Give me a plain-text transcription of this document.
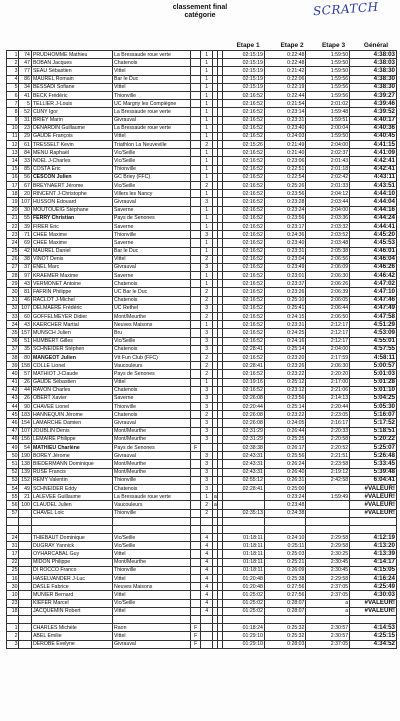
classement final
catégorie	SCRATCH
Etape 1	Etape 2	Etape 3	Général
1	74	PRUDHOMME Mathieu	La Bressaude roue verte		1			02:15:19	0:22:48	1:59:50	4:38:03
2	47	BOBAN Jacques	Chatenois		1			02:15:19	0:22:48	1:59:50	4:38:03
3	77	SEAU Sébastien	Vittel		1			02:15:19	0:21:42	1:59:50	4:38:30
4	86	MAUREL Romain	Bar le Duc		1			02:15:19	0:22:06	1:59:56	4:38:30
5	34	BESSADI Sofiane	Vittel		1			02:15:19	0:22:19	1:59:56	4:38:30
6	41	BECK Frédéric	Thionville		1			02:16:52	0:22:44	1:59:56	4:39:27
7	5	TELLIER J-Louis	UC Margny les Compiègne		1			02:16:52	0:21:54	2:01:02	4:39:46
8	52	CUNY Igor	La Bressaude roue verte		1			02:16:52	0:23:14	1:59:48	4:39:52
9	31	BRIEY Marin	Givrauval		1			02:16:52	0:23:31	1:59:51	4:40:17
10	23	DENARDIN Guillaume	La Bressaude roue verte		1			02:16:52	0:23:40	2:00:04	4:40:36
11	29	GAUDE François	Vittel		1			02:16:52	0:24:03	1:59:50	4:40:45
12	61	TRESSELT Kevin	Triathlon La Neuveville		2			02:15:26	0:21:49	2:04:00	4:41:15
13	84	MENU Raphaël	Vic/Seille		1			02:16:52	0:21:40	2:02:37	4:41:09
14	33	NOEL J-Charles	Vic/Seille		1			02:16:52	0:23:06	2:01:43	4:42:41
15	85	COSTA Eric	Thionville		1			02:16:52	0:22:51	2:01:18	4:42:41
16	56	CESCON Julien	GC Briey (FFC)		1			02:16:52	0:22:54	2:02:42	4:43:11
17	67	BREYNAERT Jérome	Vic/Seille		2			02:16:52	0:25:26	2:01:33	4:43:51
18	20	RINCENT J-Christophe	Villers les Nancy		1			02:16:52	0:23:56	2:04:12	4:44:10
19	107	HUSSON Edouard	Givrauval		3			02:16:52	0:23:28	2:03:44	4:44:04
20	30	MOUTOUEIG Stéphane	Saverne		1			02:16:52	0:23:24	2:04:00	4:44:16
21	55	FERRY Christian	Pays de Senones		1			02:16:52	0:23:56	2:03:36	4:44:24
22	39	FIRER Eric	Saverne		1			02:16:52	0:23:17	2:03:32	4:44:41
23	71	CHEE Maxime	Thionville		3			02:16:52	0:24:36	2:03:52	4:45:20
24	69	CHEE Maxime	Saverne		1			02:16:52	0:23:40	2:03:48	4:45:53
25	42	MAUREL Daniel	Bar le Duc		1			02:16:52	0:23:31	2:05:38	4:46:01
26	38	VINOT Denis	Vittel		2			02:16:52	0:23:04	2:06:56	4:46:04
27	37	ENEL Marc	Givrauval		3			02:16:52	0:23:49	2:06:09	4:46:26
28	97	KRAEMER Maxime	Saverne		1			02:16:52	0:23:01	2:06:30	4:46:42
29	43	VERMONET Antoine	Chatenois		1			02:16:52	0:23:37	2:06:26	4:47:02
30	81	FAFRIN Philippe	UC Bar le Duc		2			02:16:52	0:23:26	2:06:39	4:47:10
31	46	RACLOT J-Michel	Chatenois		2			02:16:52	0:25:10	2:06:05	4:47:46
32	107	DELMAERE Frédéric	UC Rethel		3			02:16:52	0:25:41	2:06:44	4:47:49
33	60	GOFFELMEYER Didier	Mont/Meurthe		2			02:16:52	0:24:15	2:06:50	4:47:58
34	43	KAERCHER Martial	Neuves Maisons		1			02:16:52	0:23:31	2:12:17	4:51:29
35	157	MUNSCH Julien	Bru		3			02:16:52	0:24:25	2:12:17	4:53:09
36	51	HUMBERT Gilles	Vic/Seille		3			02:16:52	0:24:16	2:12:17	4:55:01
37	35	SCHNEIDER Stéphen	Chatenois		3			02:28:41	0:25:14	2:04:00	4:57:55
38	80	MANGEOT Julien	Vtt Fun Club (FFC)		2			02:16:52	0:23:20	2:17:59	4:58:11
39	158	COLLE Lionel	Vaucouleurs		2			02:28:41	0:23:26	2:06:30	5:00:57
40	57	MATHIOT J-Claude	Pays de Senones		2			02:16:52	0:23:22	2:20:20	5:01:03
41	26	GAUDE Sébastien	Vittel		1			02:19:16	0:25:12	2:17:00	5:01:28
42	44	RAVON Charles	Chatenois		3			02:16:52	0:23:12	2:21:06	5:01:10
43	26	OBERT Xavier	Saverne		3			02:26:08	0:23:56	2:14:13	5:04:25
44	90	CHAVEE Lionel	Thionville		3			02:20:44	0:25:14	2:20:44	5:05:30
45	183	HANNEQUIN Jérome	Chatenois		2			02:26:08	0:23:22	2:23:05	5:16:07
46	154	LAMARCHE Damien	Givrauval		3			02:26:08	0:24:05	2:16:17	5:17:52
47	107	JOUBLIN Denis	Mont/Meurthe		3			02:31:29	0:26:44	2:20:33	5:18:51
48	156	LEMAIRE Philippe	Mont/Meurthe		3			02:31:29	0:25:25	2:20:58	5:20:22
49	54	MATHIEU Charlène	Pays de Senones	F				02:38:38	0:26:17	2:20:52	5:25:07
50	190	BOREY Jérome	Givrauval		3			02:43:31	0:25:56	2:21:51	5:26:48
51	138	BIEDERMANN Dominique	Mont/Meurthe		3			02:43:31	0:26:24	2:23:58	5:33:45
52	139	RUSE Francis	Mont/Meurthe		3			02:43:31	0:26:40	2:19:12	5:39:48
53	152	REMY Valentin	Thionville		3			02:55:12	0:26:31	2:42:58	6:04:41
54	49	SCHNEIDER Eddy	Chatenois		3			02:28:41	0:25:00		#VALEUR!
55	21	LALEVEE Guillaume	La Bressaude roue verte		1	a			0:23:24	1:59:49	#VALEUR!
56	100	CLAUDEL Julien	Vaucouleurs		2	a			0:23:48		#VALEUR!
57		CHAVEL Loic	Thionville		2			02:35:13	0:24:38		#VALEUR!

24		THIEBAUT Dominique	Vic/Seille		4			01:18:11	0:24:10	2:29:58	4:12:19
31		DUGRAY Yannick	Vic/Seille		4			01:18:11	0:25:11	2:29:58	4:13:20
17		OYHARCABAL Guy	Vittel		4			01:18:11	0:25:03	2:30:25	4:13:39
22		MIDON Philippe	Mont/Meurthe		4			01:18:11	0:25:21	2:30:45	4:14:17
25		DI ROCCO Franco	Thionville		4			01:18:11	0:26:09	2:30:45	4:15:05
16		HASELVANDER J-Luc	Vittel		4			01:20:48	0:25:38	2:29:58	4:16:24
30		DASLE Fabrice	Neuves Maisons		4			01:20:48	0:27:56	2:37:05	4:25:49
10		MUNIER Bernard	Vittel		4			01:25:02	0:27:56	2:37:05	4:30:03
23		KIEFER Marcel	Vic/Seille		4			01:25:02	0:28:07	a	#VALEUR!
18		JACQUEMIN Robert	Vittel		4			01:25:02	0:28:07	a	#VALEUR!

1		CHARLES Michèle	Raon	F				01:18:24	0:25:32	2:30:57	4:14:53
2		ABEL Emilie	Vittel	F				01:29:10	0:25:32	2:30:57	4:25:15
3		DEROBE Evelyne	Givrauval	F				01:29:10	0:28:03	2:37:05	4:34:52
